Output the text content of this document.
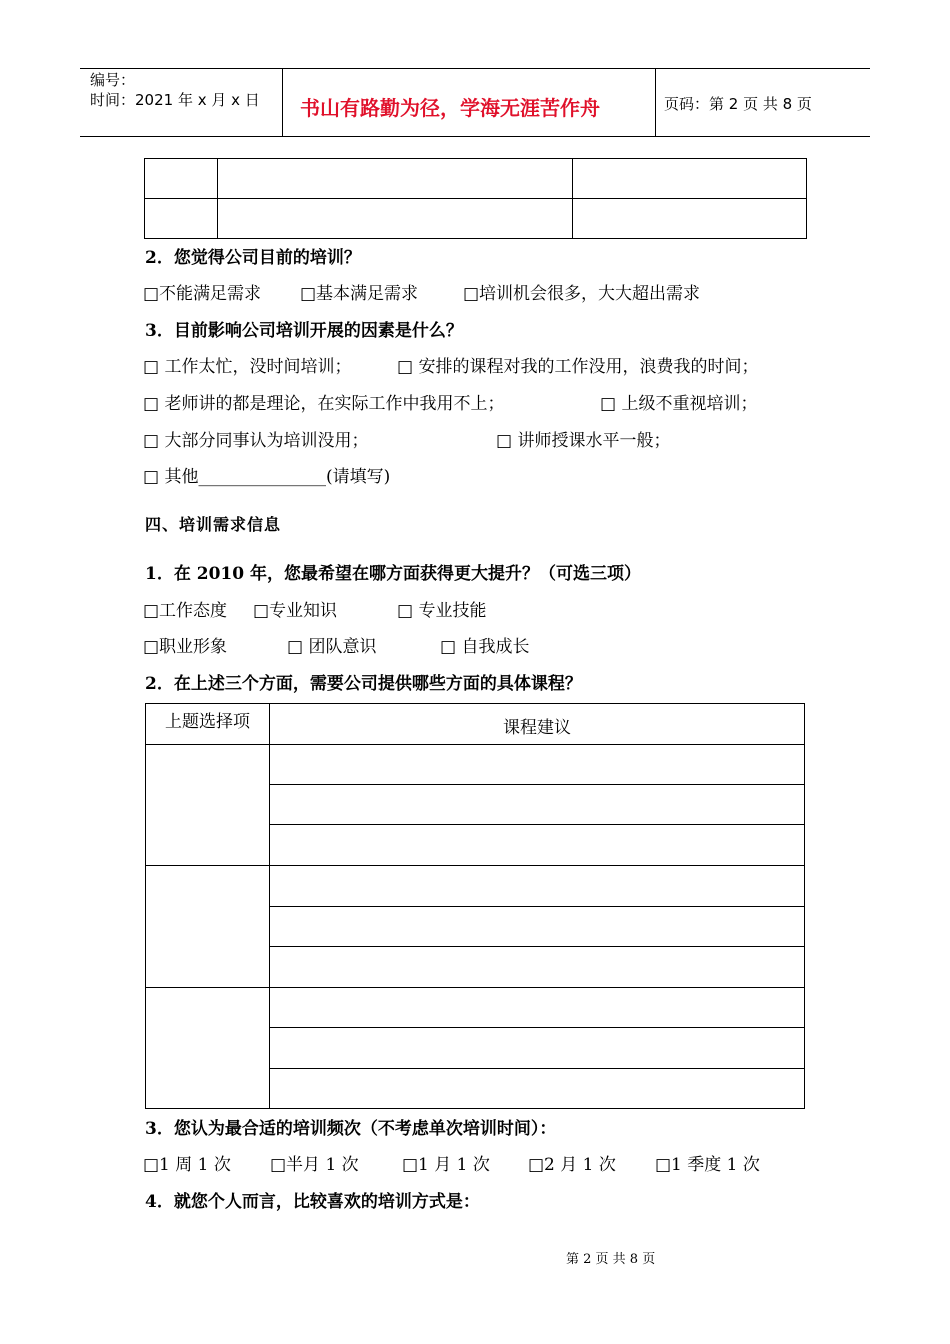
编号：
时间：2021 年 x 月 x 日 书山有路勤为径，学海无涯苦作舟	页码：第 2 页 共 8 页

2．您觉得公司目前的培训？
□不能满足需求 □基本满足需求	□培训机会很多，大大超出需求
3．目前影响公司培训开展的因素是什么？
□ 工作太忙，没时间培训；	□ 安排的课程对我的工作没用，浪费我的时间；
□ 老师讲的都是理论，在实际工作中我用不上；	□ 上级不重视培训；
□ 大部分同事认为培训没用；	□ 讲师授课水平一般；
□ 其他_______________(请填写)
四、培训需求信息
1．在 2010 年，您最希望在哪方面获得更大提升？（可选三项）
□工作态度 □专业知识	□ 专业技能
□职业形象	□ 团队意识	□ 自我成长
2．在上述三个方面，需要公司提供哪些方面的具体课程？
上题选择项	课程建议

3．您认为最合适的培训频次（不考虑单次培训时间）：
□1 周 1 次 □半月 1 次	□1 月 1 次 □2 月 1 次 □1 季度 1 次
4．就您个人而言，比较喜欢的培训方式是：
第 2 页 共 8 页
